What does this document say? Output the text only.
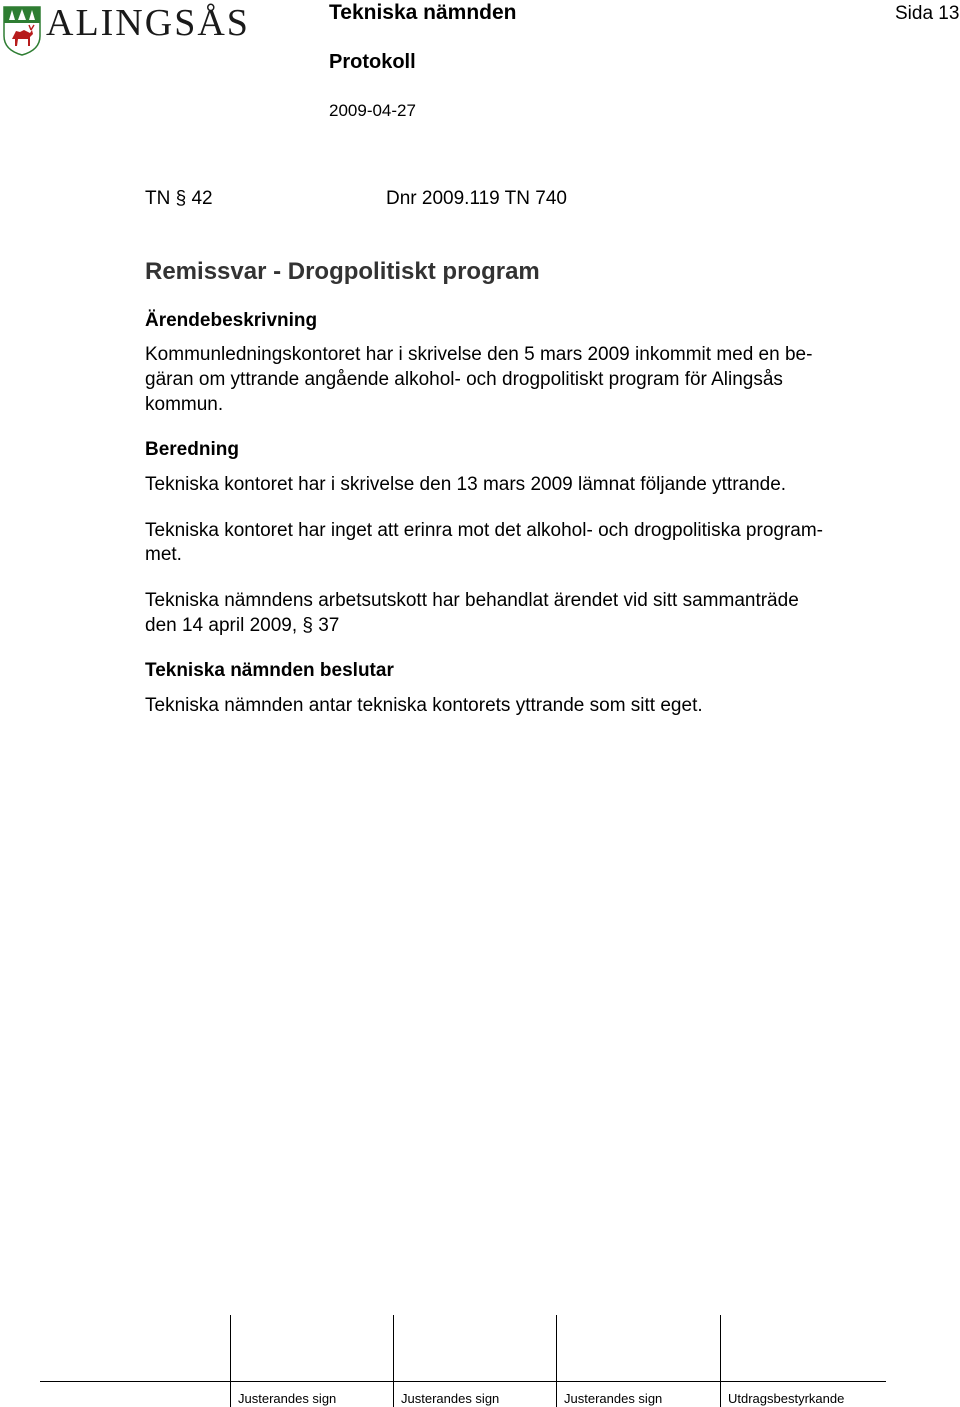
ALINGSÅS	Tekniska nämnden	Sida 13
Protokoll
2009-04-27
TN § 42	Dnr 2009.119 TN 740
Remissvar - Drogpolitiskt program
Ärendebeskrivning
Kommunledningskontoret har i skrivelse den 5 mars 2009 inkommit med en be-
gäran om yttrande angående alkohol- och drogpolitiskt program för Alingsås
kommun.
Beredning
Tekniska kontoret har i skrivelse den 13 mars 2009 lämnat följande yttrande.
Tekniska kontoret har inget att erinra mot det alkohol- och drogpolitiska program-
met.
Tekniska nämndens arbetsutskott har behandlat ärendet vid sitt sammanträde
den 14 april 2009, § 37
Tekniska nämnden beslutar
Tekniska nämnden antar tekniska kontorets yttrande som sitt eget.
Justerandes sign	Justerandes sign	Justerandes sign	Utdragsbestyrkande
